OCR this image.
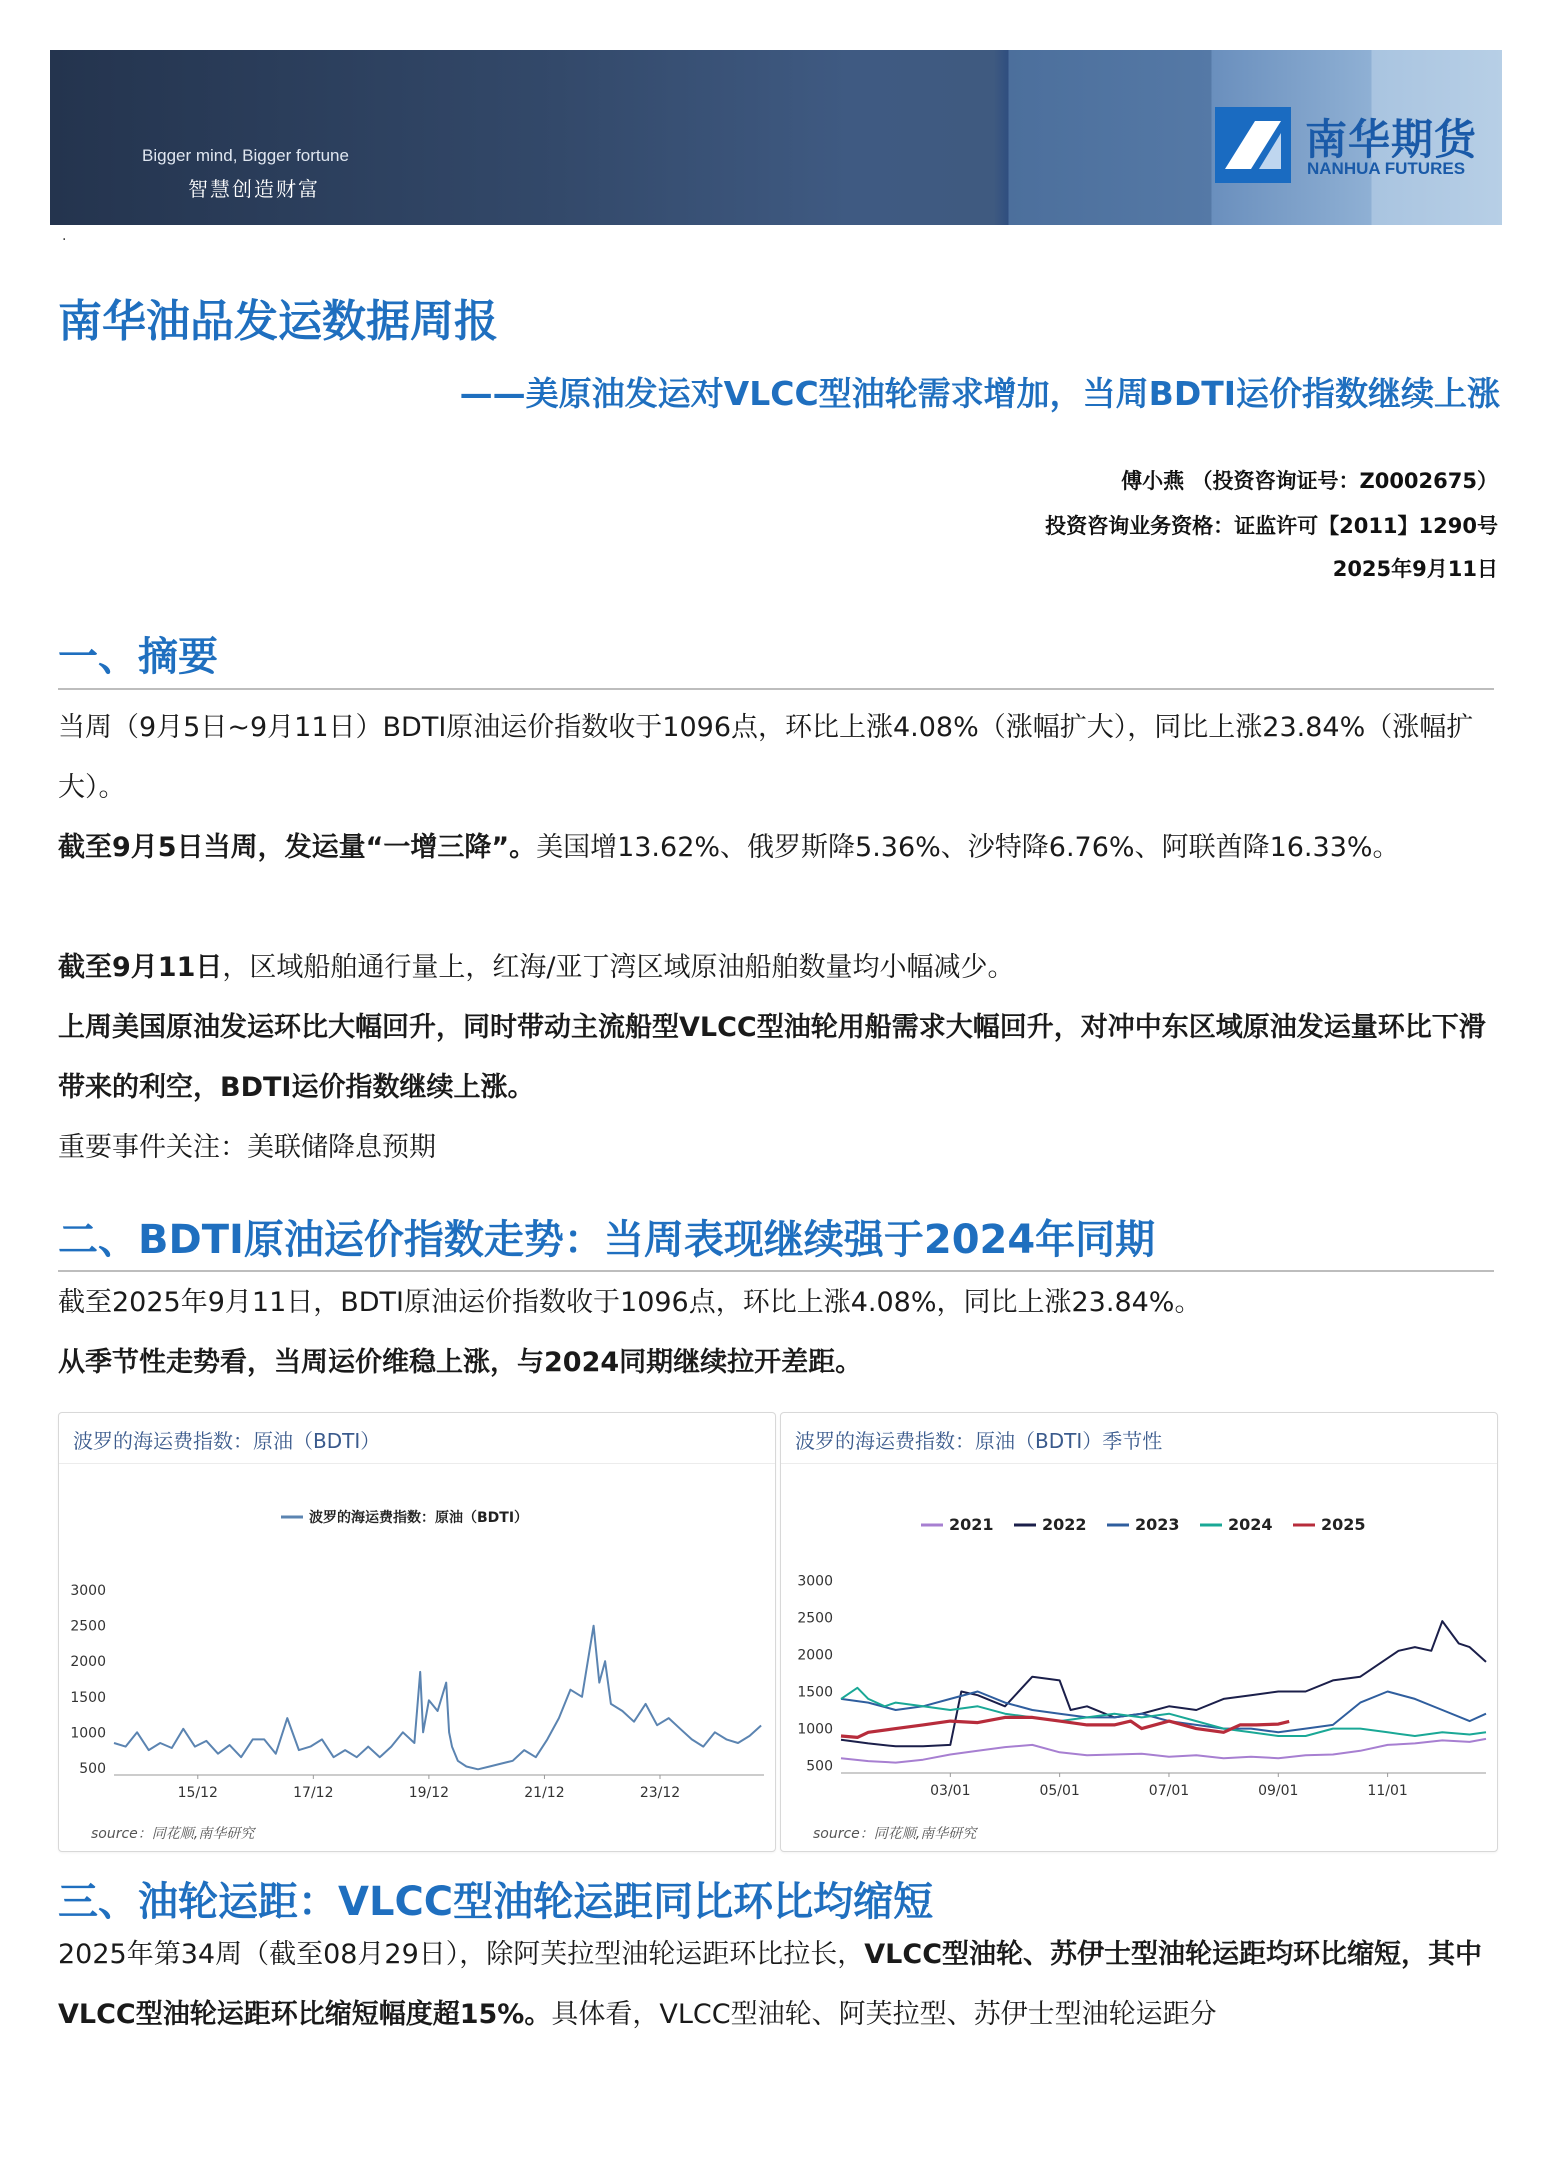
Bigger mind, Bigger fortune
智慧创造财富
南华期货
NANHUA FUTURES
.
南华油品发运数据周报
——美原油发运对VLCC型油轮需求增加，当周BDTI运价指数继续上涨
傅小燕 （投资咨询证号：Z0002675）
投资咨询业务资格：证监许可【2011】1290号
2025年9月11日
一、摘要
当周（9月5日~9月11日）BDTI原油运价指数收于1096点，环比上涨4.08%（涨幅扩大），同比上涨23.84%（涨幅扩大）。
截至9月5日当周，发运量“一增三降”。美国增13.62%、俄罗斯降5.36%、沙特降6.76%、阿联酋降16.33%。
截至9月11日，区域船舶通行量上，红海/亚丁湾区域原油船舶数量均小幅减少。
上周美国原油发运环比大幅回升，同时带动主流船型VLCC型油轮用船需求大幅回升，对冲中东区域原油发运量环比下滑带来的利空，BDTI运价指数继续上涨。
重要事件关注：美联储降息预期
二、BDTI原油运价指数走势：当周表现继续强于2024年同期
截至2025年9月11日，BDTI原油运价指数收于1096点，环比上涨4.08%，同比上涨23.84%。
从季节性走势看，当周运价维稳上涨，与2024同期继续拉开差距。
波罗的海运费指数：原油（BDTI）
500
1000
1500
2000
2500
3000
15/12	17/12	19/12	21/12	23/12
波罗的海运费指数：原油（BDTI）
source：同花顺,南华研究
波罗的海运费指数：原油（BDTI）季节性
500
1000
1500
2000
2500
3000
03/01	05/01	07/01	09/01	11/01
2021	2022	2023	2024	2025
source：同花顺,南华研究
三、油轮运距：VLCC型油轮运距同比环比均缩短
2025年第34周（截至08月29日），除阿芙拉型油轮运距环比拉长，VLCC型油轮、苏伊士型油轮运距均环比缩短，其中VLCC型油轮运距环比缩短幅度超15%。具体看，VLCC型油轮、阿芙拉型、苏伊士型油轮运距分
